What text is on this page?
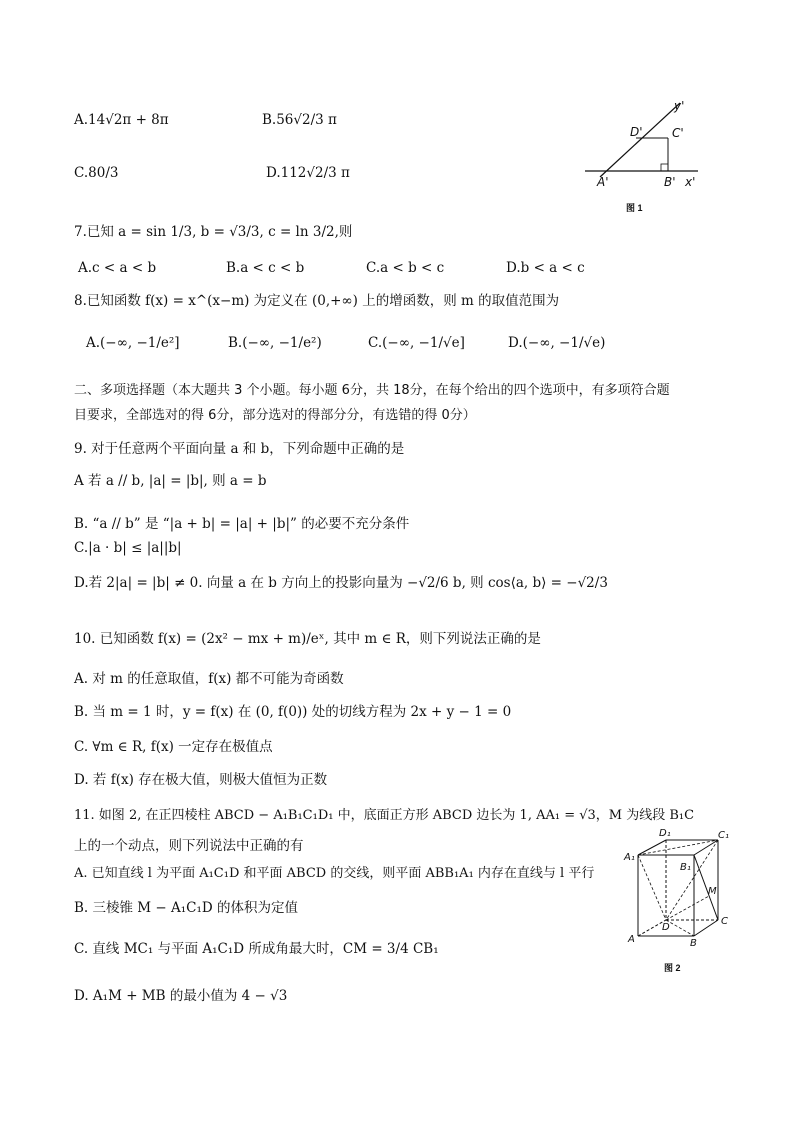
A.14√2π + 8π	B.56√2/3 π
C.80/3	D.112√2/3 π
y'
C'
D'
A'	B' x'
图 1
7.已知 a = sin 1/3, b = √3/3, c = ln 3/2,则
A.c < a < b	B.a < c < b	C.a < b < c	D.b < a < c
8.已知函数 f(x) = x^(x−m) 为定义在 (0,+∞) 上的增函数，则 m 的取值范围为
A.(−∞, −1/e²]	B.(−∞, −1/e²)	C.(−∞, −1/√e]	D.(−∞, −1/√e)
二、多项选择题（本大题共 3 个小题。每小题 6分，共 18分，在每个给出的四个选项中，有多项符合题
目要求，全部选对的得 6分，部分选对的得部分分，有选错的得 0分）
9. 对于任意两个平面向量 a 和 b，下列命题中正确的是
A 若 a // b, |a| = |b|, 则 a = b
B. “a // b” 是 “|a + b| = |a| + |b|” 的必要不充分条件
C.|a · b| ≤ |a||b|
D.若 2|a| = |b| ≠ 0. 向量 a 在 b 方向上的投影向量为 −√2/6 b, 则 cos⟨a, b⟩ = −√2/3
10. 已知函数 f(x) = (2x² − mx + m)/eˣ, 其中 m ∈ R，则下列说法正确的是
A. 对 m 的任意取值，f(x) 都不可能为奇函数
B. 当 m = 1 时，y = f(x) 在 (0, f(0)) 处的切线方程为 2x + y − 1 = 0
C. ∀m ∈ R, f(x) 一定存在极值点
D. 若 f(x) 存在极大值，则极大值恒为正数
11. 如图 2, 在正四棱柱 ABCD − A₁B₁C₁D₁ 中，底面正方形 ABCD 边长为 1, AA₁ = √3，M 为线段 B₁C
上的一个动点，则下列说法中正确的有
A. 已知直线 l 为平面 A₁C₁D 和平面 ABCD 的交线，则平面 ABB₁A₁ 内存在直线与 l 平行
B. 三棱锥 M − A₁C₁D 的体积为定值
C. 直线 MC₁ 与平面 A₁C₁D 所成角最大时，CM = 3/4 CB₁
D. A₁M + MB 的最小值为 4 − √3
D₁	C₁
A₁
B₁
M
D
C
A	B
图 2
